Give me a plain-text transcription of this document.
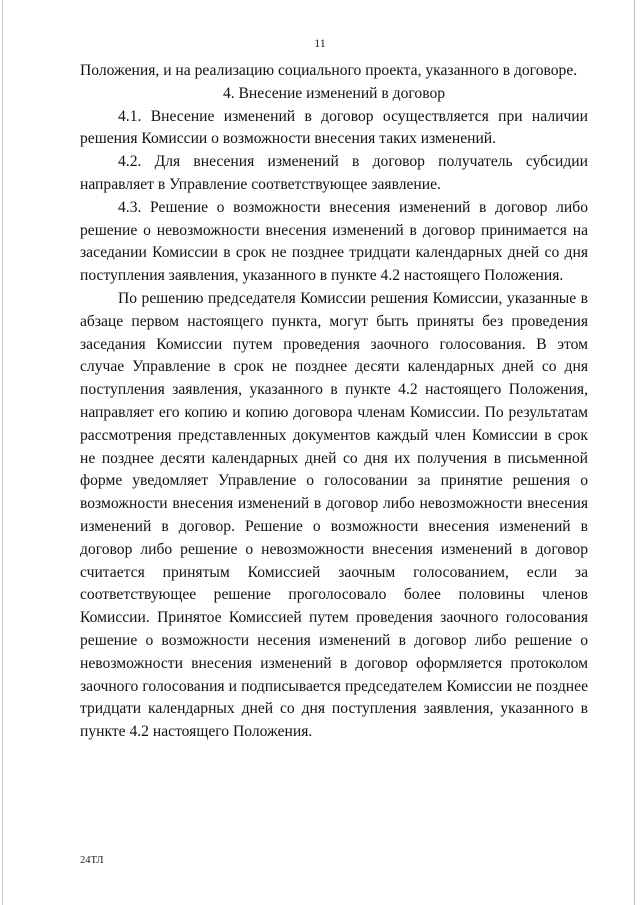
11

Положения, и на реализацию социального проекта, указанного в договоре.

4. Внесение изменений в договор

4.1. Внесение изменений в договор осуществляется при наличии решения Комиссии о возможности внесения таких изменений.

4.2. Для внесения изменений в договор получатель субсидии направляет в Управление соответствующее заявление.

4.3. Решение о возможности внесения изменений в договор либо решение о невозможности внесения изменений в договор принимается на заседании Комиссии в срок не позднее тридцати календарных дней со дня поступления заявления, указанного в пункте 4.2 настоящего Положения.

По решению председателя Комиссии решения Комиссии, указанные в абзаце первом настоящего пункта, могут быть приняты без проведения заседания Комиссии путем проведения заочного голосования. В этом случае Управление в срок не позднее десяти календарных дней со дня поступления заявления, указанного в пункте 4.2 настоящего Положения, направляет его копию и копию договора членам Комиссии. По результатам рассмотрения представленных документов каждый член Комиссии в срок не позднее десяти календарных дней со дня их получения в письменной форме уведомляет Управление о голосовании за принятие решения о возможности внесения изменений в договор либо невозможности внесения изменений в договор. Решение о возможности внесения изменений в договор либо решение о невозможности внесения изменений в договор считается принятым Комиссией заочным голосованием, если за соответствующее решение проголосовало более половины членов Комиссии. Принятое Комиссией путем проведения заочного голосования решение о возможности несения изменений в договор либо решение о невозможности внесения изменений в договор оформляется протоколом заочного голосования и подписывается председателем Комиссии не позднее тридцати календарных дней со дня поступления заявления, указанного в пункте 4.2 настоящего Положения.

24ТЛ
